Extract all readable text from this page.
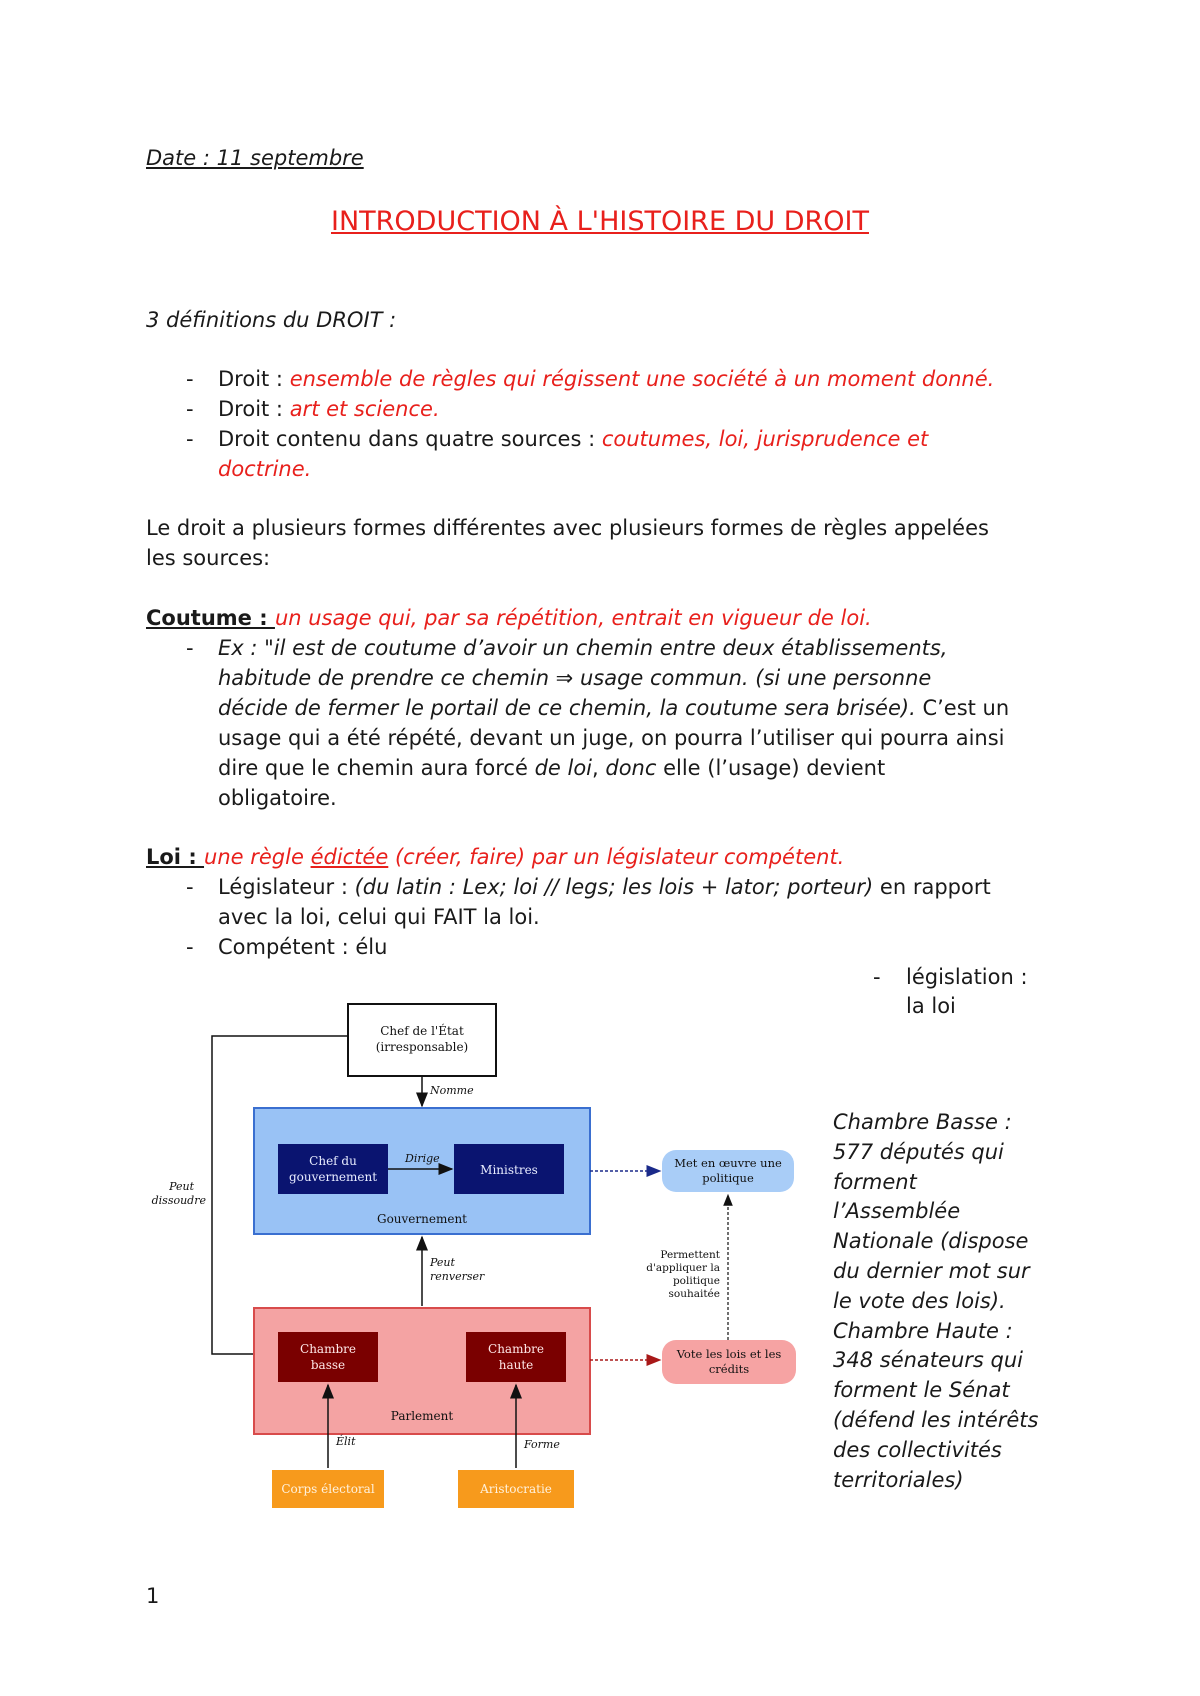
Date : 11 septembre
INTRODUCTION À L'HISTOIRE DU DROIT
3 définitions du DROIT :
- Droit : ensemble de règles qui régissent une société à un moment donné.
- Droit : art et science.
- Droit contenu dans quatre sources : coutumes, loi, jurisprudence et
doctrine.
Le droit a plusieurs formes différentes avec plusieurs formes de règles appelées
les sources:
Coutume : un usage qui, par sa répétition, entrait en vigueur de loi.
- Ex : "il est de coutume d’avoir un chemin entre deux établissements,
habitude de prendre ce chemin ⇒ usage commun. (si une personne
décide de fermer le portail de ce chemin, la coutume sera brisée). C’est un
usage qui a été répété, devant un juge, on pourra l’utiliser qui pourra ainsi
dire que le chemin aura forcé de loi, donc elle (l’usage) devient
obligatoire.
Loi : une règle édictée (créer, faire) par un législateur compétent.
- Législateur : (du latin : Lex; loi // legs; les lois + lator; porteur) en rapport
avec la loi, celui qui FAIT la loi.
- Compétent : élu
- législation :
la loi
Chef de l'État
(irresponsable)
Nomme
Chef du
gouvernement
Dirige
Ministres
Gouvernement
Met en œuvre une
politique
Peut
dissoudre
Peut
renverser
Permettent
d'appliquer la
politique
souhaitée
Chambre
basse
Chambre
haute
Parlement
Vote les lois et les
crédits
Élit	Forme
Corps électoral	Aristocratie
Chambre Basse :
577 députés qui
forment
l’Assemblée
Nationale (dispose
du dernier mot sur
le vote des lois).
Chambre Haute :
348 sénateurs qui
forment le Sénat
(défend les intérêts
des collectivités
territoriales)
1
